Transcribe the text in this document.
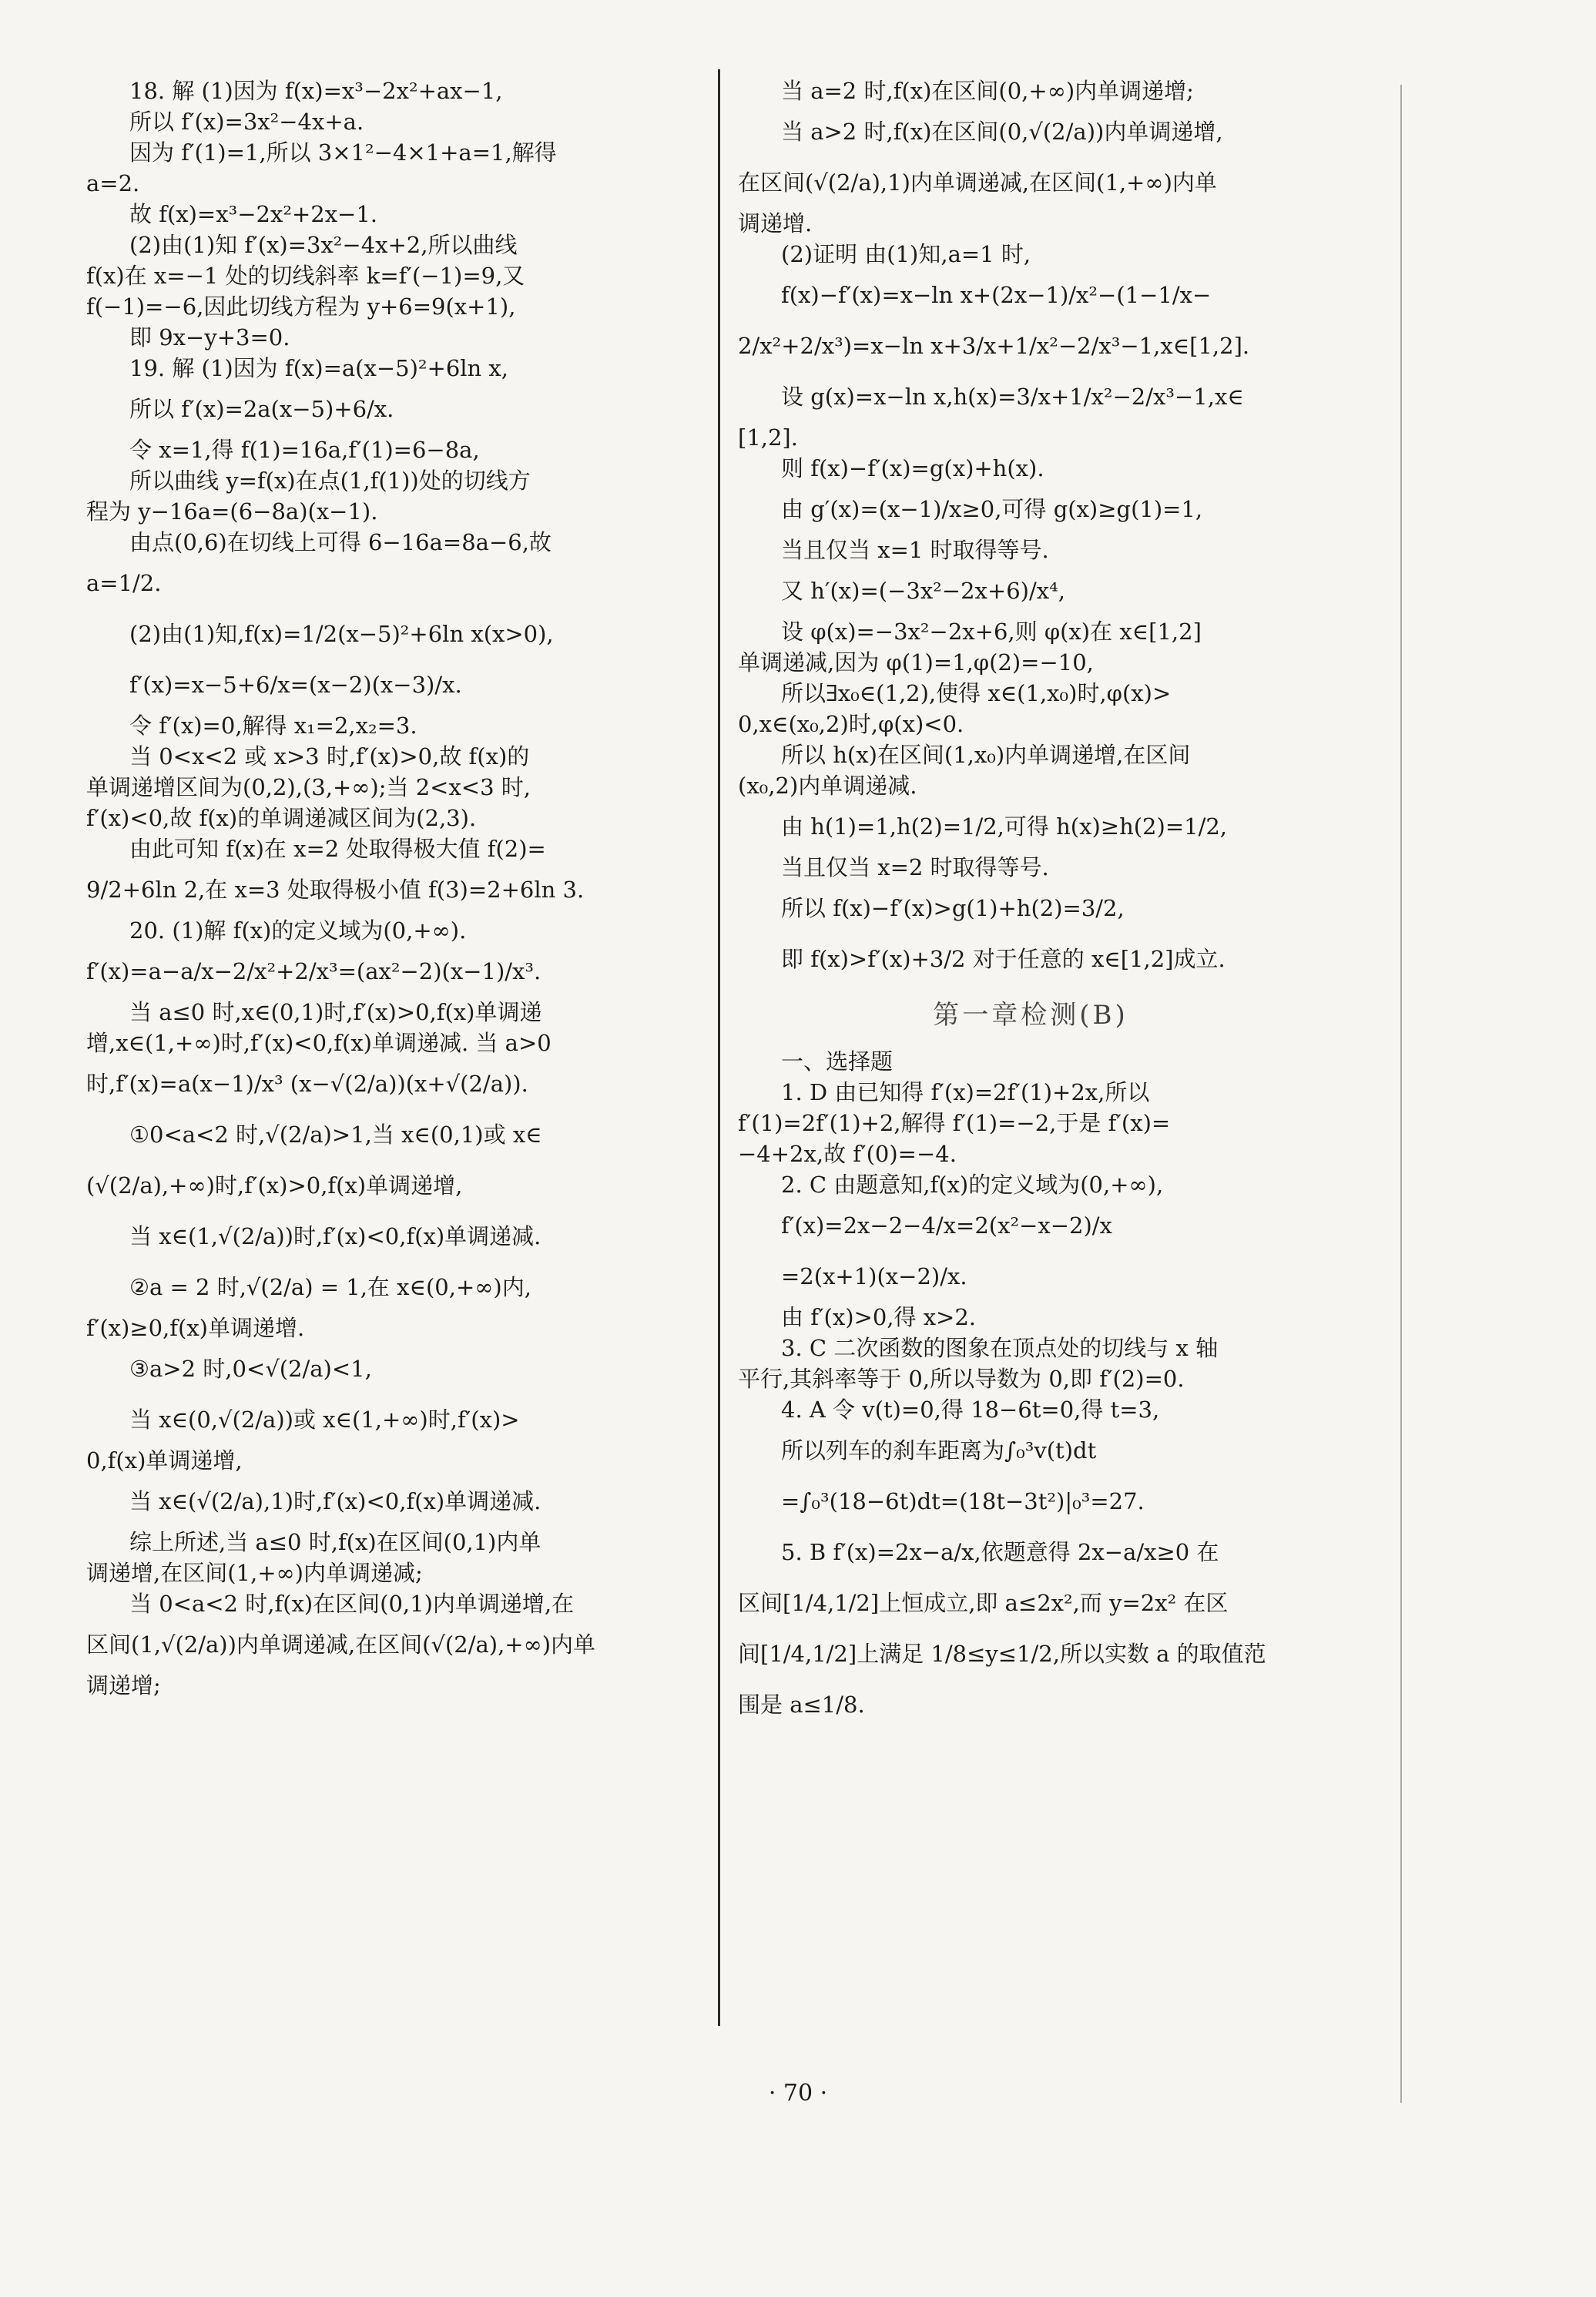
18. 解 (1)因为 f(x)=x³−2x²+ax−1,
所以 f′(x)=3x²−4x+a.
因为 f′(1)=1,所以 3×1²−4×1+a=1,解得
a=2.
故 f(x)=x³−2x²+2x−1.
(2)由(1)知 f′(x)=3x²−4x+2,所以曲线
f(x)在 x=−1 处的切线斜率 k=f′(−1)=9,又
f(−1)=−6,因此切线方程为 y+6=9(x+1),
即 9x−y+3=0.
19. 解 (1)因为 f(x)=a(x−5)²+6ln x,
所以 f′(x)=2a(x−5)+6/x.
令 x=1,得 f(1)=16a,f′(1)=6−8a,
所以曲线 y=f(x)在点(1,f(1))处的切线方
程为 y−16a=(6−8a)(x−1).
由点(0,6)在切线上可得 6−16a=8a−6,故
a=1/2.
(2)由(1)知,f(x)=1/2(x−5)²+6ln x(x>0),
f′(x)=x−5+6/x=(x−2)(x−3)/x.
令 f′(x)=0,解得 x₁=2,x₂=3.
当 0<x<2 或 x>3 时,f′(x)>0,故 f(x)的
单调递增区间为(0,2),(3,+∞);当 2<x<3 时,
f′(x)<0,故 f(x)的单调递减区间为(2,3).
由此可知 f(x)在 x=2 处取得极大值 f(2)=
9/2+6ln 2,在 x=3 处取得极小值 f(3)=2+6ln 3.
20. (1)解 f(x)的定义域为(0,+∞).
f′(x)=a−a/x−2/x²+2/x³=(ax²−2)(x−1)/x³.
当 a≤0 时,x∈(0,1)时,f′(x)>0,f(x)单调递
增,x∈(1,+∞)时,f′(x)<0,f(x)单调递减. 当 a>0
时,f′(x)=a(x−1)/x³ (x−√(2/a))(x+√(2/a)).
①0<a<2 时,√(2/a)>1,当 x∈(0,1)或 x∈
(√(2/a),+∞)时,f′(x)>0,f(x)单调递增,
当 x∈(1,√(2/a))时,f′(x)<0,f(x)单调递减.
②a = 2 时,√(2/a) = 1,在 x∈(0,+∞)内,
f′(x)≥0,f(x)单调递增.
③a>2 时,0<√(2/a)<1,
当 x∈(0,√(2/a))或 x∈(1,+∞)时,f′(x)>
0,f(x)单调递增,
当 x∈(√(2/a),1)时,f′(x)<0,f(x)单调递减.
综上所述,当 a≤0 时,f(x)在区间(0,1)内单
调递增,在区间(1,+∞)内单调递减;
当 0<a<2 时,f(x)在区间(0,1)内单调递增,在
区间(1,√(2/a))内单调递减,在区间(√(2/a),+∞)内单
调递增;
当 a=2 时,f(x)在区间(0,+∞)内单调递增;
当 a>2 时,f(x)在区间(0,√(2/a))内单调递增,
在区间(√(2/a),1)内单调递减,在区间(1,+∞)内单
调递增.
(2)证明 由(1)知,a=1 时,
f(x)−f′(x)=x−ln x+(2x−1)/x²−(1−1/x−
2/x²+2/x³)=x−ln x+3/x+1/x²−2/x³−1,x∈[1,2].
设 g(x)=x−ln x,h(x)=3/x+1/x²−2/x³−1,x∈
[1,2].
则 f(x)−f′(x)=g(x)+h(x).
由 g′(x)=(x−1)/x≥0,可得 g(x)≥g(1)=1,
当且仅当 x=1 时取得等号.
又 h′(x)=(−3x²−2x+6)/x⁴,
设 φ(x)=−3x²−2x+6,则 φ(x)在 x∈[1,2]
单调递减,因为 φ(1)=1,φ(2)=−10,
所以∃x₀∈(1,2),使得 x∈(1,x₀)时,φ(x)>
0,x∈(x₀,2)时,φ(x)<0.
所以 h(x)在区间(1,x₀)内单调递增,在区间
(x₀,2)内单调递减.
由 h(1)=1,h(2)=1/2,可得 h(x)≥h(2)=1/2,
当且仅当 x=2 时取得等号.
所以 f(x)−f′(x)>g(1)+h(2)=3/2,
即 f(x)>f′(x)+3/2 对于任意的 x∈[1,2]成立.
第一章检测(B)
一、选择题
1. D 由已知得 f′(x)=2f′(1)+2x,所以
f′(1)=2f′(1)+2,解得 f′(1)=−2,于是 f′(x)=
−4+2x,故 f′(0)=−4.
2. C 由题意知,f(x)的定义域为(0,+∞),
f′(x)=2x−2−4/x=2(x²−x−2)/x
=2(x+1)(x−2)/x.
由 f′(x)>0,得 x>2.
3. C 二次函数的图象在顶点处的切线与 x 轴
平行,其斜率等于 0,所以导数为 0,即 f′(2)=0.
4. A 令 v(t)=0,得 18−6t=0,得 t=3,
所以列车的刹车距离为∫₀³v(t)dt
=∫₀³(18−6t)dt=(18t−3t²)|₀³=27.
5. B f′(x)=2x−a/x,依题意得 2x−a/x≥0 在
区间[1/4,1/2]上恒成立,即 a≤2x²,而 y=2x² 在区
间[1/4,1/2]上满足 1/8≤y≤1/2,所以实数 a 的取值范
围是 a≤1/8.
· 70 ·
